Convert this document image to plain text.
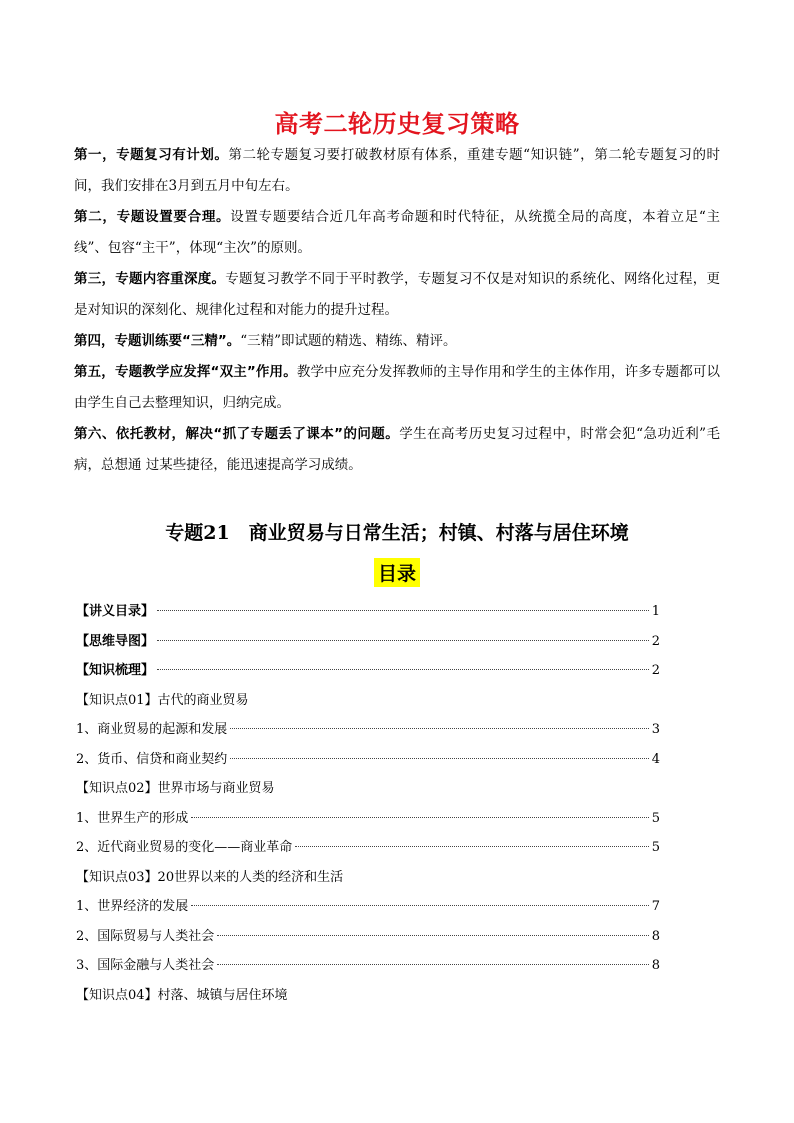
高考二轮历史复习策略

第一，专题复习有计划。第二轮专题复习要打破教材原有体系，重建专题“知识链”，第二轮专题复习的时间，我们安排在3月到五月中旬左右。

第二，专题设置要合理。设置专题要结合近几年高考命题和时代特征，从统揽全局的高度，本着立足“主线”、包容“主干”，体现“主次”的原则。

第三，专题内容重深度。专题复习教学不同于平时教学，专题复习不仅是对知识的系统化、网络化过程，更是对知识的深刻化、规律化过程和对能力的提升过程。

第四，专题训练要“三精”。“三精”即试题的精选、精练、精评。

第五，专题教学应发挥“双主”作用。教学中应充分发挥教师的主导作用和学生的主体作用，许多专题都可以由学生自己去整理知识，归纳完成。

第六、依托教材，解决“抓了专题丢了课本”的问题。学生在高考历史复习过程中，时常会犯“急功近利”毛病，总想通 过某些捷径，能迅速提高学习成绩。

专题21　商业贸易与日常生活；村镇、村落与居住环境
目录
【讲义目录】	1
【思维导图】	2
【知识梳理】	2
【知识点01】古代的商业贸易
1、商业贸易的起源和发展	3
2、货币、信贷和商业契约	4
【知识点02】世界市场与商业贸易
1、世界生产的形成	5
2、近代商业贸易的变化——商业革命	5
【知识点03】20世界以来的人类的经济和生活
1、世界经济的发展	7
2、国际贸易与人类社会	8
3、国际金融与人类社会	8
【知识点04】村落、城镇与居住环境
